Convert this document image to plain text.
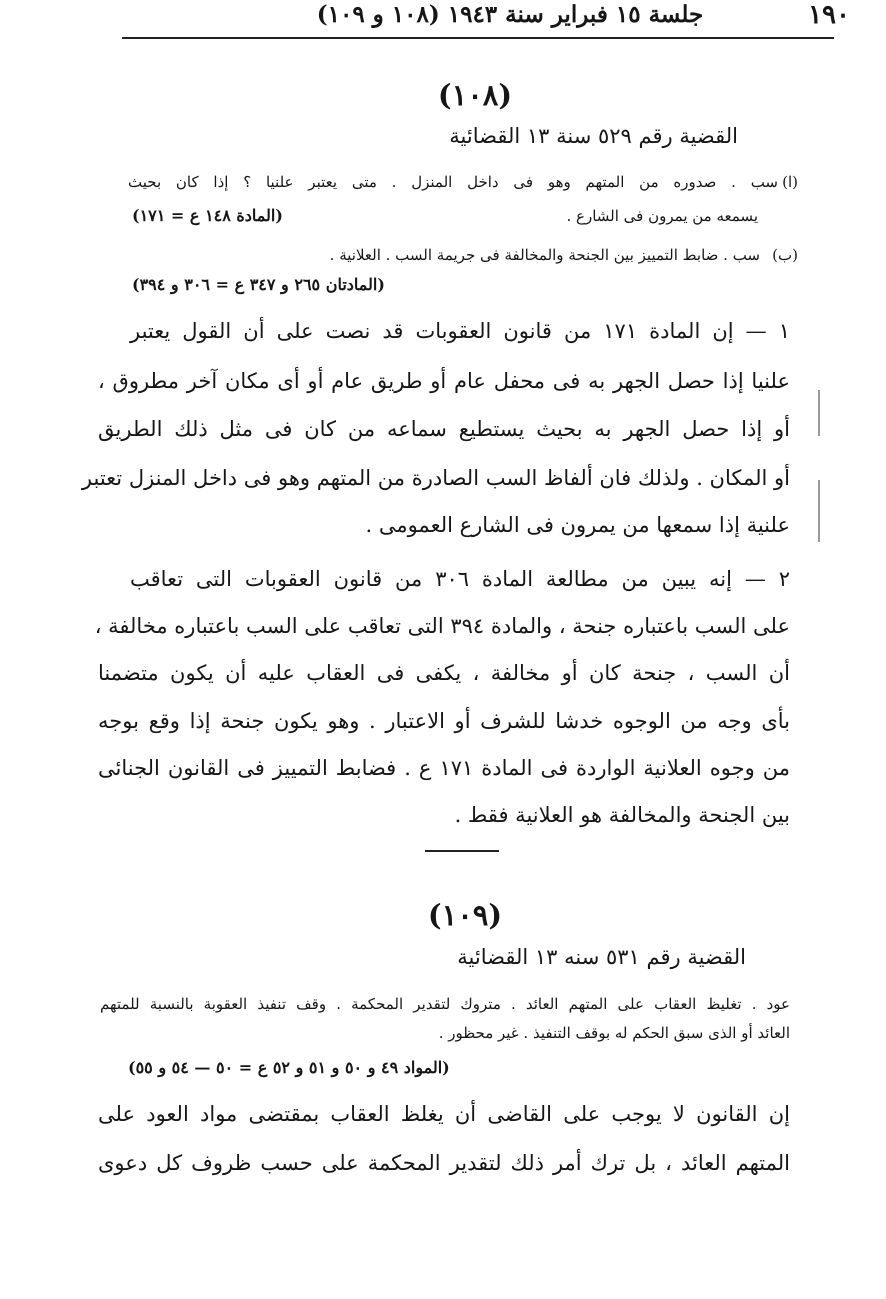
جلسة ١٥ فبراير سنة ١٩٤٣ (١٠٨ و ١٠٩)	١٩٠
(١٠٨)
القضية رقم ٥٢٩ سنة ١٣ القضائية
سب . صدوره من المتهم وهو فى داخل المنزل . متى يعتبر علنيا ؟ إذا كان بحيث (ا)
يسمعه من يمرون فى الشارع .
(المادة ١٤٨ ع = ١٧١)
(ب)
سب . ضابط التمييز بين الجنحة والمخالفة فى جريمة السب . العلانية .
(المادتان ٢٦٥ و ٣٤٧ ع = ٣٠٦ و ٣٩٤)
١ — إن المادة ١٧١ من قانون العقوبات قد نصت على أن القول يعتبر
علنيا إذا حصل الجهر به فى محفل عام أو طريق عام أو أى مكان آخر مطروق ،
أو إذا حصل الجهر به بحيث يستطيع سماعه من كان فى مثل ذلك الطريق
أو المكان . ولذلك فان ألفاظ السب الصادرة من المتهم وهو فى داخل المنزل تعتبر
علنية إذا سمعها من يمرون فى الشارع العمومى .
٢ — إنه يبين من مطالعة المادة ٣٠٦ من قانون العقوبات التى تعاقب
على السب باعتباره جنحة ، والمادة ٣٩٤ التى تعاقب على السب باعتباره مخالفة ،
أن السب ، جنحة كان أو مخالفة ، يكفى فى العقاب عليه أن يكون متضمنا
بأى وجه من الوجوه خدشا للشرف أو الاعتبار . وهو يكون جنحة إذا وقع بوجه
من وجوه العلانية الواردة فى المادة ١٧١ ع . فضابط التمييز فى القانون الجنائى
بين الجنحة والمخالفة هو العلانية فقط .
(١٠٩)
القضية رقم ٥٣١ سنه ١٣ القضائية
عود . تغليظ العقاب على المتهم العائد . متروك لتقدير المحكمة . وقف تنفيذ العقوبة بالنسبة للمتهم
العائد أو الذى سبق الحكم له بوقف التنفيذ . غير محظور .
(المواد ٤٩ و ٥٠ و ٥١ و ٥٢ ع = ٥٠ — ٥٤ و ٥٥)
إن القانون لا يوجب على القاضى أن يغلظ العقاب بمقتضى مواد العود على
المتهم العائد ، بل ترك أمر ذلك لتقدير المحكمة على حسب ظروف كل دعوى
